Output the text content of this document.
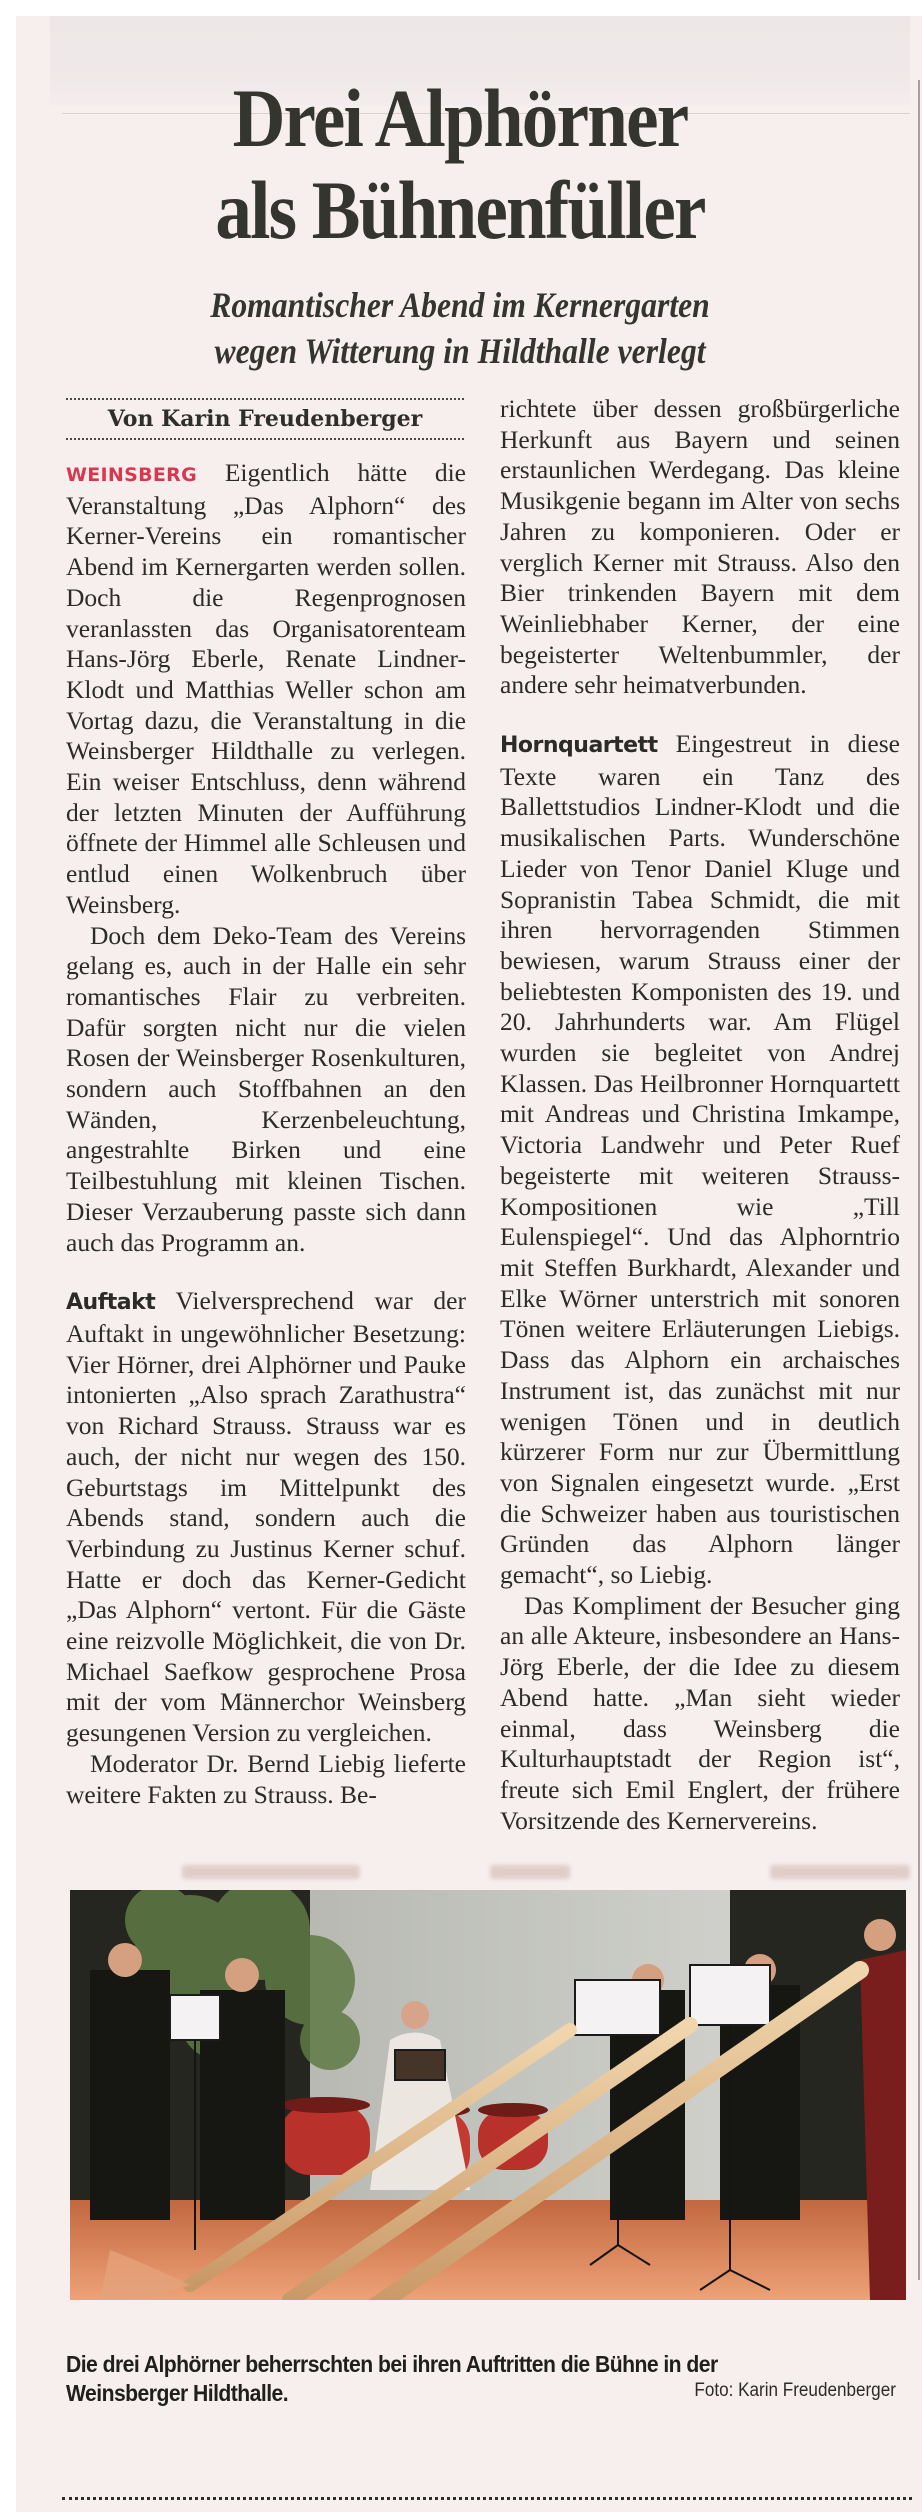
Drei Alphörner
als Bühnenfüller
Romantischer Abend im Kernergarten
wegen Witterung in Hildthalle verlegt
Von Karin Freudenberger

WEINSBERG Eigentlich hätte die Veranstaltung „Das Alphorn“ des Kerner-Vereins ein romantischer Abend im Kernergarten werden sollen. Doch die Regenprognosen veranlassten das Organisatorenteam Hans-Jörg Eberle, Renate Lindner-Klodt und Matthias Weller schon am Vortag dazu, die Veranstaltung in die Weinsberger Hildthalle zu verlegen. Ein weiser Entschluss, denn während der letzten Minuten der Aufführung öffnete der Himmel alle Schleusen und entlud einen Wolkenbruch über Weinsberg.

Doch dem Deko-Team des Vereins gelang es, auch in der Halle ein sehr romantisches Flair zu verbreiten. Dafür sorgten nicht nur die vielen Rosen der Weinsberger Rosenkulturen, sondern auch Stoffbahnen an den Wänden, Kerzenbeleuchtung, angestrahlte Birken und eine Teilbestuhlung mit kleinen Tischen. Dieser Verzauberung passte sich dann auch das Programm an.

Auftakt Vielversprechend war der Auftakt in ungewöhnlicher Besetzung: Vier Hörner, drei Alphörner und Pauke intonierten „Also sprach Zarathustra“ von Richard Strauss. Strauss war es auch, der nicht nur wegen des 150. Geburtstags im Mittelpunkt des Abends stand, sondern auch die Verbindung zu Justinus Kerner schuf. Hatte er doch das Kerner-Gedicht „Das Alphorn“ vertont. Für die Gäste eine reizvolle Möglichkeit, die von Dr. Michael Saefkow gesprochene Prosa mit der vom Männerchor Weinsberg gesungenen Version zu vergleichen.

Moderator Dr. Bernd Liebig lieferte weitere Fakten zu Strauss. Be-

richtete über dessen großbürgerliche Herkunft aus Bayern und seinen erstaunlichen Werdegang. Das kleine Musikgenie begann im Alter von sechs Jahren zu komponieren. Oder er verglich Kerner mit Strauss. Also den Bier trinkenden Bayern mit dem Weinliebhaber Kerner, der eine begeisterter Weltenbummler, der andere sehr heimatverbunden.

Hornquartett Eingestreut in diese Texte waren ein Tanz des Ballettstudios Lindner-Klodt und die musikalischen Parts. Wunderschöne Lieder von Tenor Daniel Kluge und Sopranistin Tabea Schmidt, die mit ihren hervorragenden Stimmen bewiesen, warum Strauss einer der beliebtesten Komponisten des 19. und 20. Jahrhunderts war. Am Flügel wurden sie begleitet von Andrej Klassen. Das Heilbronner Hornquartett mit Andreas und Christina Imkampe, Victoria Landwehr und Peter Ruef begeisterte mit weiteren Strauss-Kompositionen wie „Till Eulenspiegel“. Und das Alphorntrio mit Steffen Burkhardt, Alexander und Elke Wörner unterstrich mit sonoren Tönen weitere Erläuterungen Liebigs. Dass das Alphorn ein archaisches Instrument ist, das zunächst mit nur wenigen Tönen und in deutlich kürzerer Form nur zur Übermittlung von Signalen eingesetzt wurde. „Erst die Schweizer haben aus touristischen Gründen das Alphorn länger gemacht“, so Liebig.

Das Kompliment der Besucher ging an alle Akteure, insbesondere an Hans-Jörg Eberle, der die Idee zu diesem Abend hatte. „Man sieht wieder einmal, dass Weinsberg die Kulturhauptstadt der Region ist“, freute sich Emil Englert, der frühere Vorsitzende des Kernervereins.

Die drei Alphörner beherrschten bei ihren Auftritten die Bühne in der Weinsberger Hildthalle.	Foto: Karin Freudenberger
